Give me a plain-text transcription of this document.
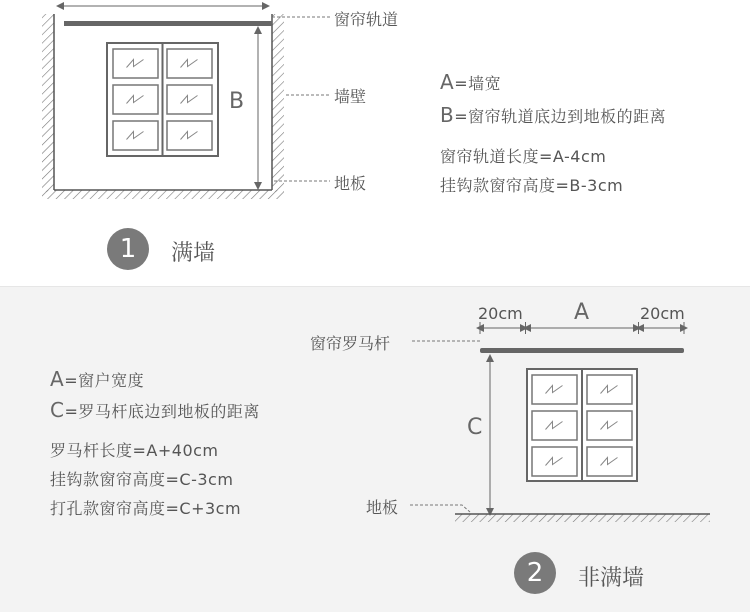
B
窗帘轨道
墙壁
地板
A=墙宽
B=窗帘轨道底边到地板的距离
窗帘轨道长度=A-4cm
挂钩款窗帘高度=B-3cm
1	满墙
20cm A	20cm
窗帘罗马杆
地板
C
A=窗户宽度
C=罗马杆底边到地板的距离
罗马杆长度=A+40cm
挂钩款窗帘高度=C-3cm
打孔款窗帘高度=C+3cm
2	非满墙
